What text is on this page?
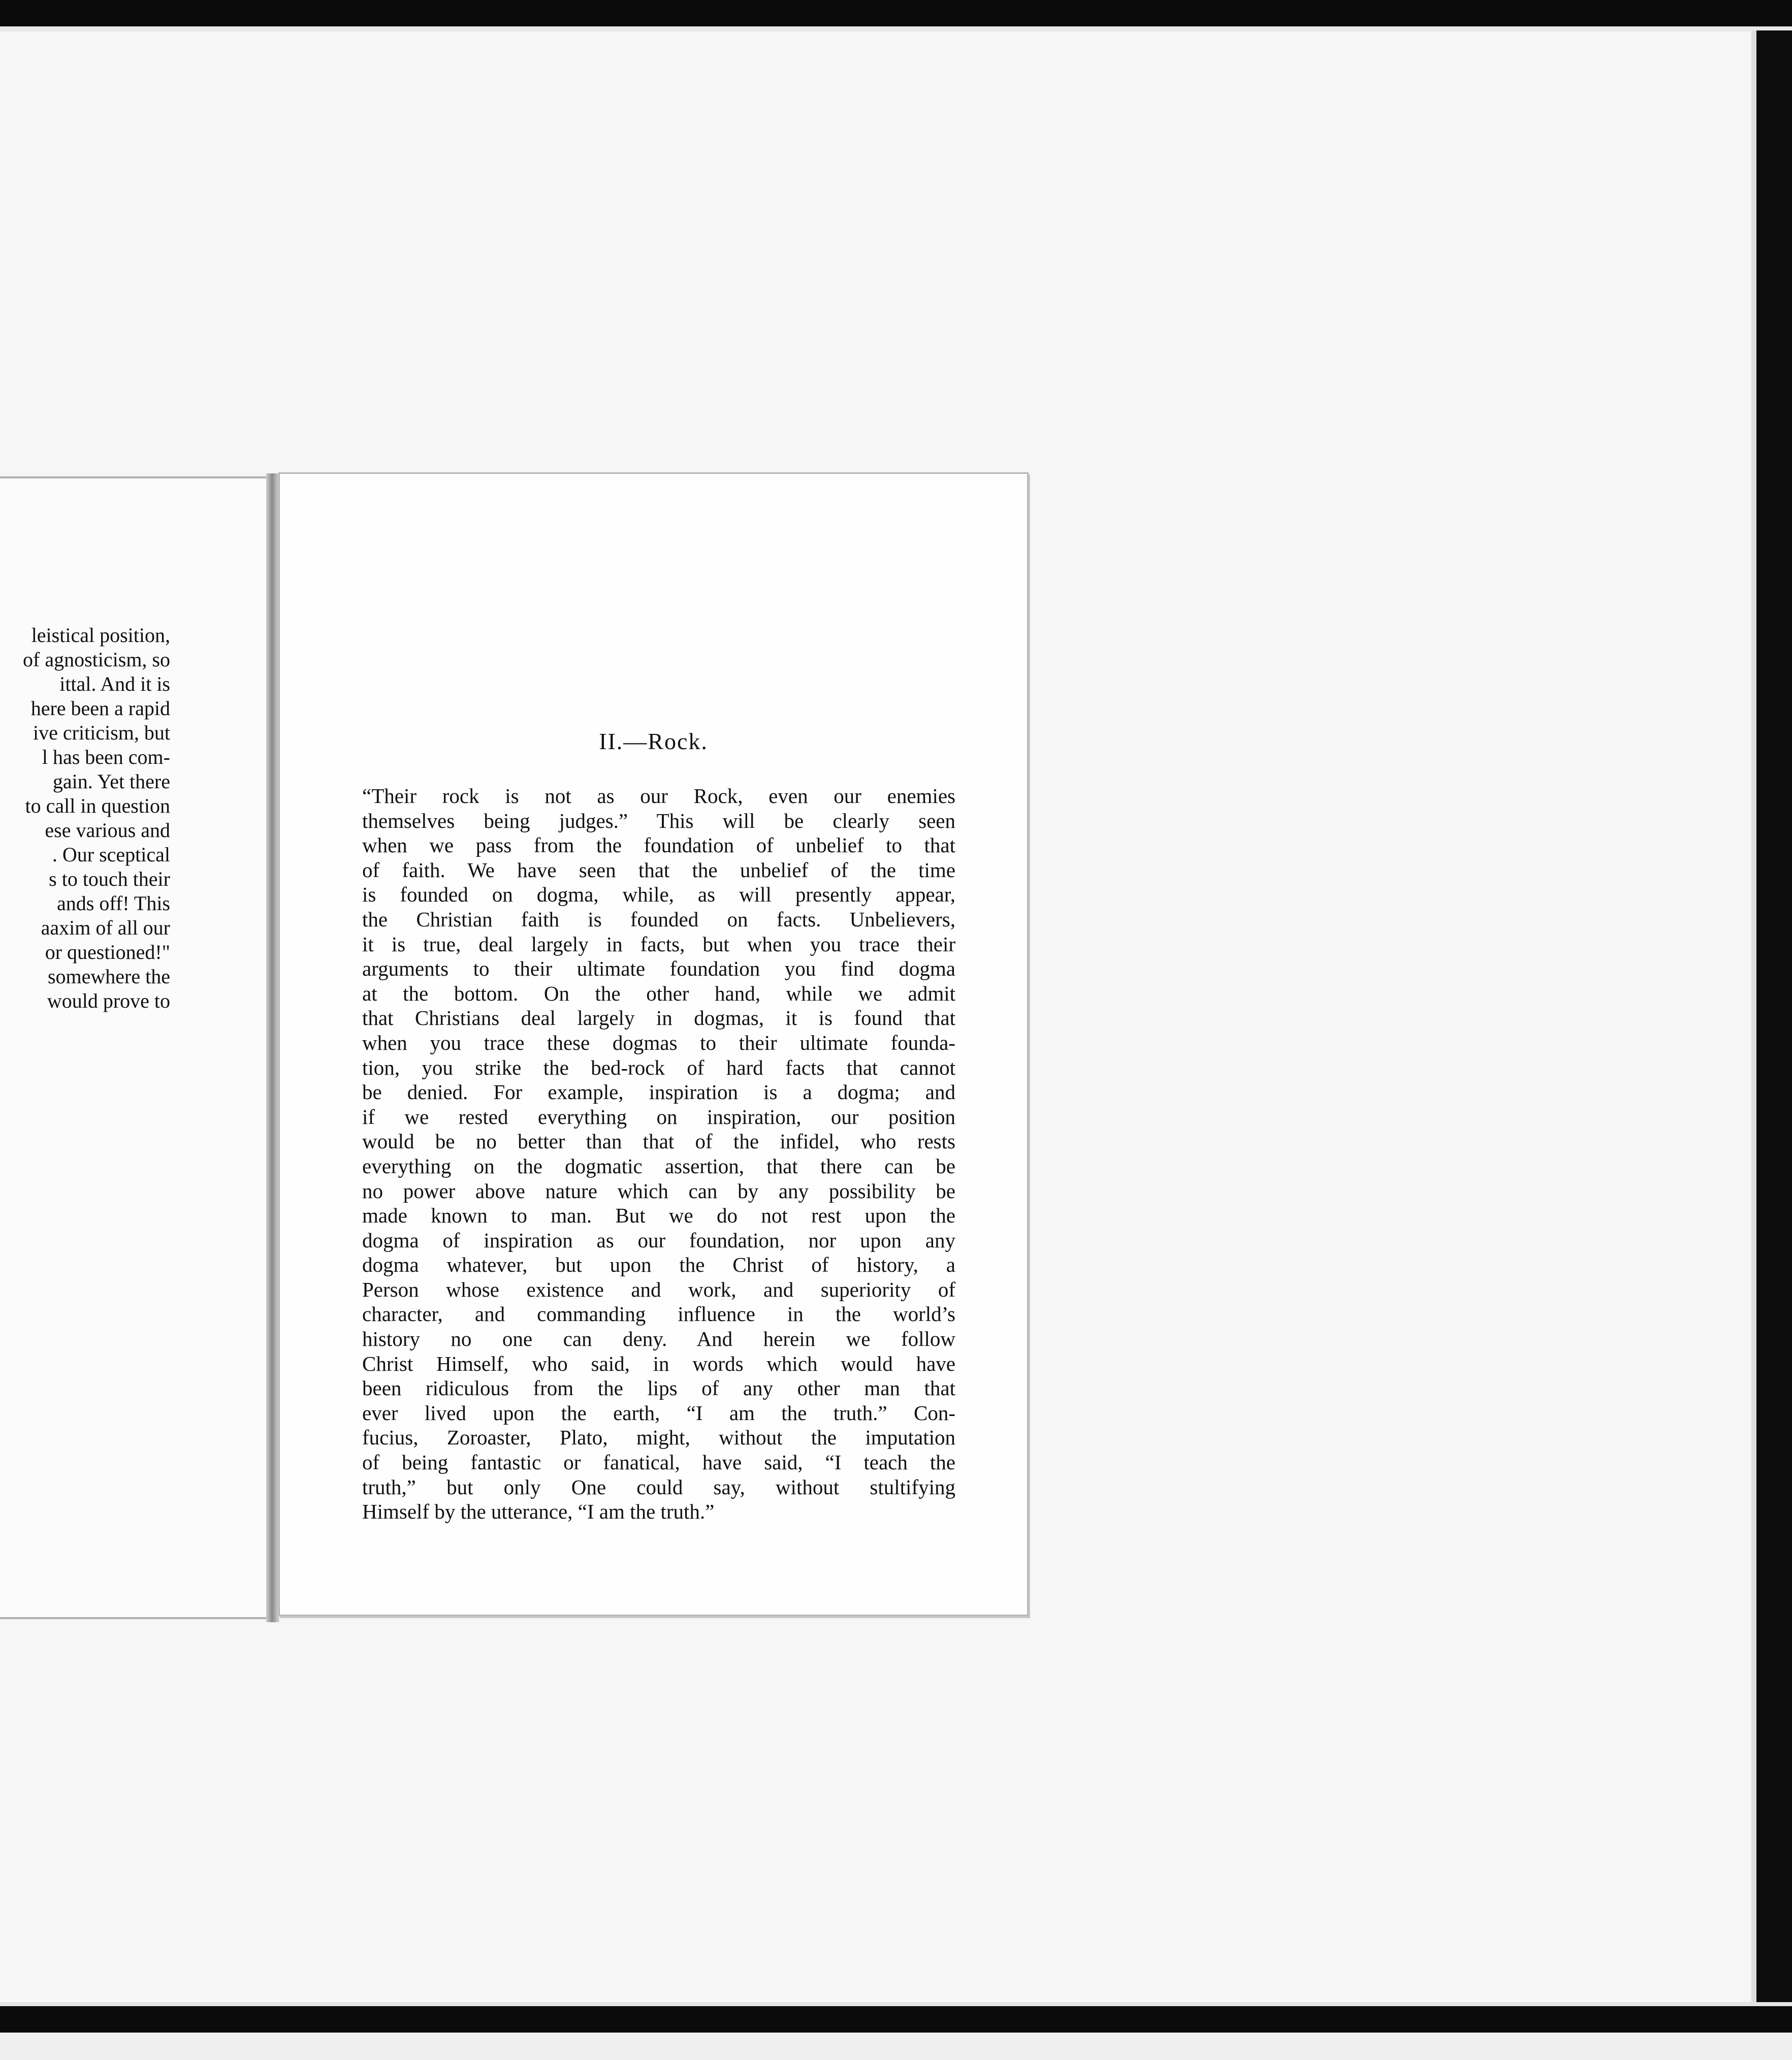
leistical position,
of agnosticism, so
ittal. And it is
here been a rapid
ive criticism, but
l has been com-
gain. Yet there
to call in question
ese various and
. Our sceptical
s to touch their
ands off! This
aaxim of all our
or questioned!"
somewhere the
would prove to
II.—Rock.
“Their rock is not as our Rock, even our enemies
themselves being judges.” This will be clearly seen
when we pass from the foundation of unbelief to that
of faith. We have seen that the unbelief of the time
is founded on dogma, while, as will presently appear,
the Christian faith is founded on facts. Unbelievers,
it is true, deal largely in facts, but when you trace their
arguments to their ultimate foundation you find dogma
at the bottom. On the other hand, while we admit
that Christians deal largely in dogmas, it is found that
when you trace these dogmas to their ultimate founda-
tion, you strike the bed-rock of hard facts that cannot
be denied. For example, inspiration is a dogma; and
if we rested everything on inspiration, our position
would be no better than that of the infidel, who rests
everything on the dogmatic assertion, that there can be
no power above nature which can by any possibility be
made known to man. But we do not rest upon the
dogma of inspiration as our foundation, nor upon any
dogma whatever, but upon the Christ of history, a
Person whose existence and work, and superiority of
character, and commanding influence in the world’s
history no one can deny. And herein we follow
Christ Himself, who said, in words which would have
been ridiculous from the lips of any other man that
ever lived upon the earth, “I am the truth.” Con-
fucius, Zoroaster, Plato, might, without the imputation
of being fantastic or fanatical, have said, “I teach the
truth,” but only One could say, without stultifying
Himself by the utterance, “I am the truth.”
